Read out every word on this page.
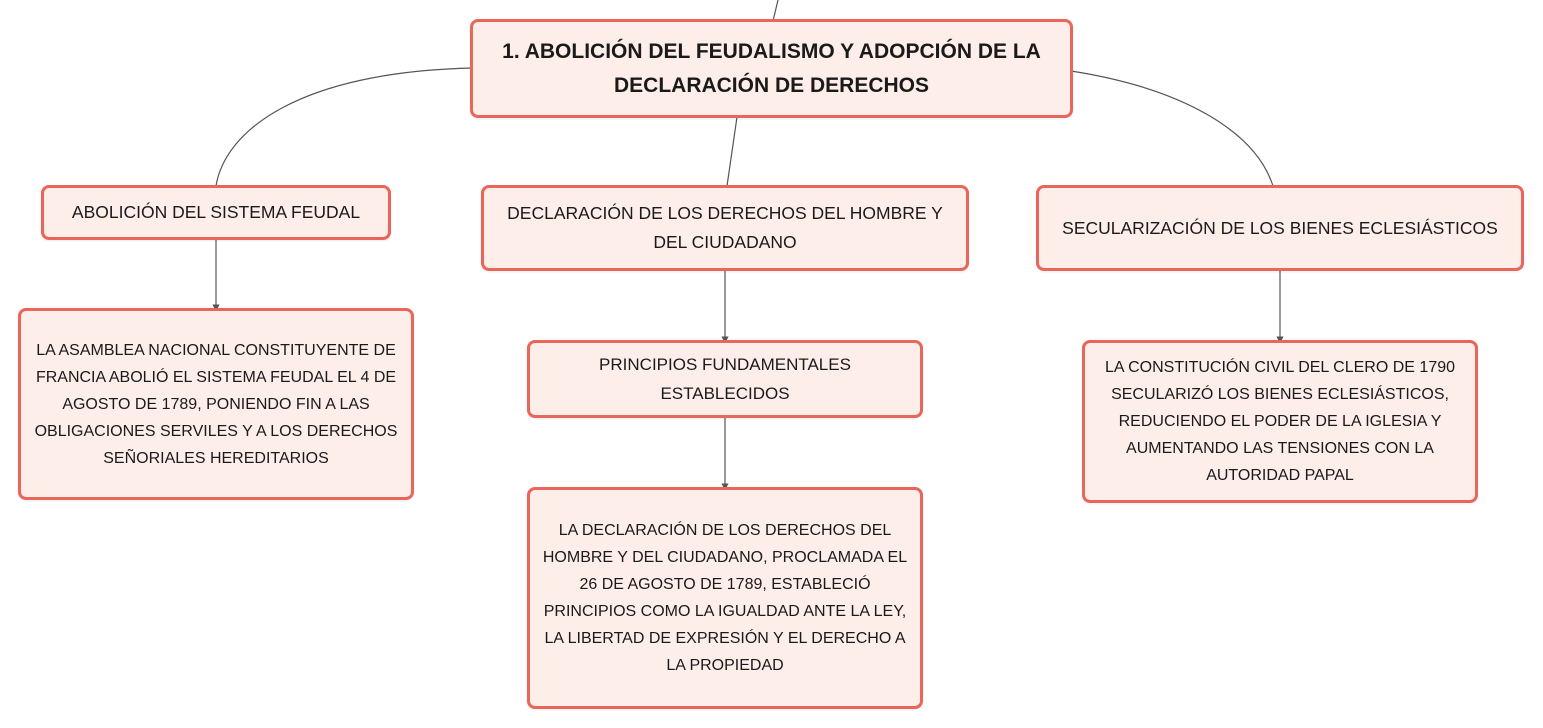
1. ABOLICIÓN DEL FEUDALISMO Y ADOPCIÓN DE LA DECLARACIÓN DE DERECHOS
ABOLICIÓN DEL SISTEMA FEUDAL	DECLARACIÓN DE LOS DERECHOS DEL HOMBRE Y DEL CIUDADANO
SECULARIZACIÓN DE LOS BIENES ECLESIÁSTICOS
LA ASAMBLEA NACIONAL CONSTITUYENTE DE FRANCIA ABOLIÓ EL SISTEMA FEUDAL EL 4 DE AGOSTO DE 1789, PONIENDO FIN A LAS OBLIGACIONES SERVILES Y A LOS DERECHOS SEÑORIALES HEREDITARIOS
PRINCIPIOS FUNDAMENTALES ESTABLECIDOS
LA DECLARACIÓN DE LOS DERECHOS DEL HOMBRE Y DEL CIUDADANO, PROCLAMADA EL 26 DE AGOSTO DE 1789, ESTABLECIÓ PRINCIPIOS COMO LA IGUALDAD ANTE LA LEY, LA LIBERTAD DE EXPRESIÓN Y EL DERECHO A LA PROPIEDAD
LA CONSTITUCIÓN CIVIL DEL CLERO DE 1790 SECULARIZÓ LOS BIENES ECLESIÁSTICOS, REDUCIENDO EL PODER DE LA IGLESIA Y AUMENTANDO LAS TENSIONES CON LA AUTORIDAD PAPAL
